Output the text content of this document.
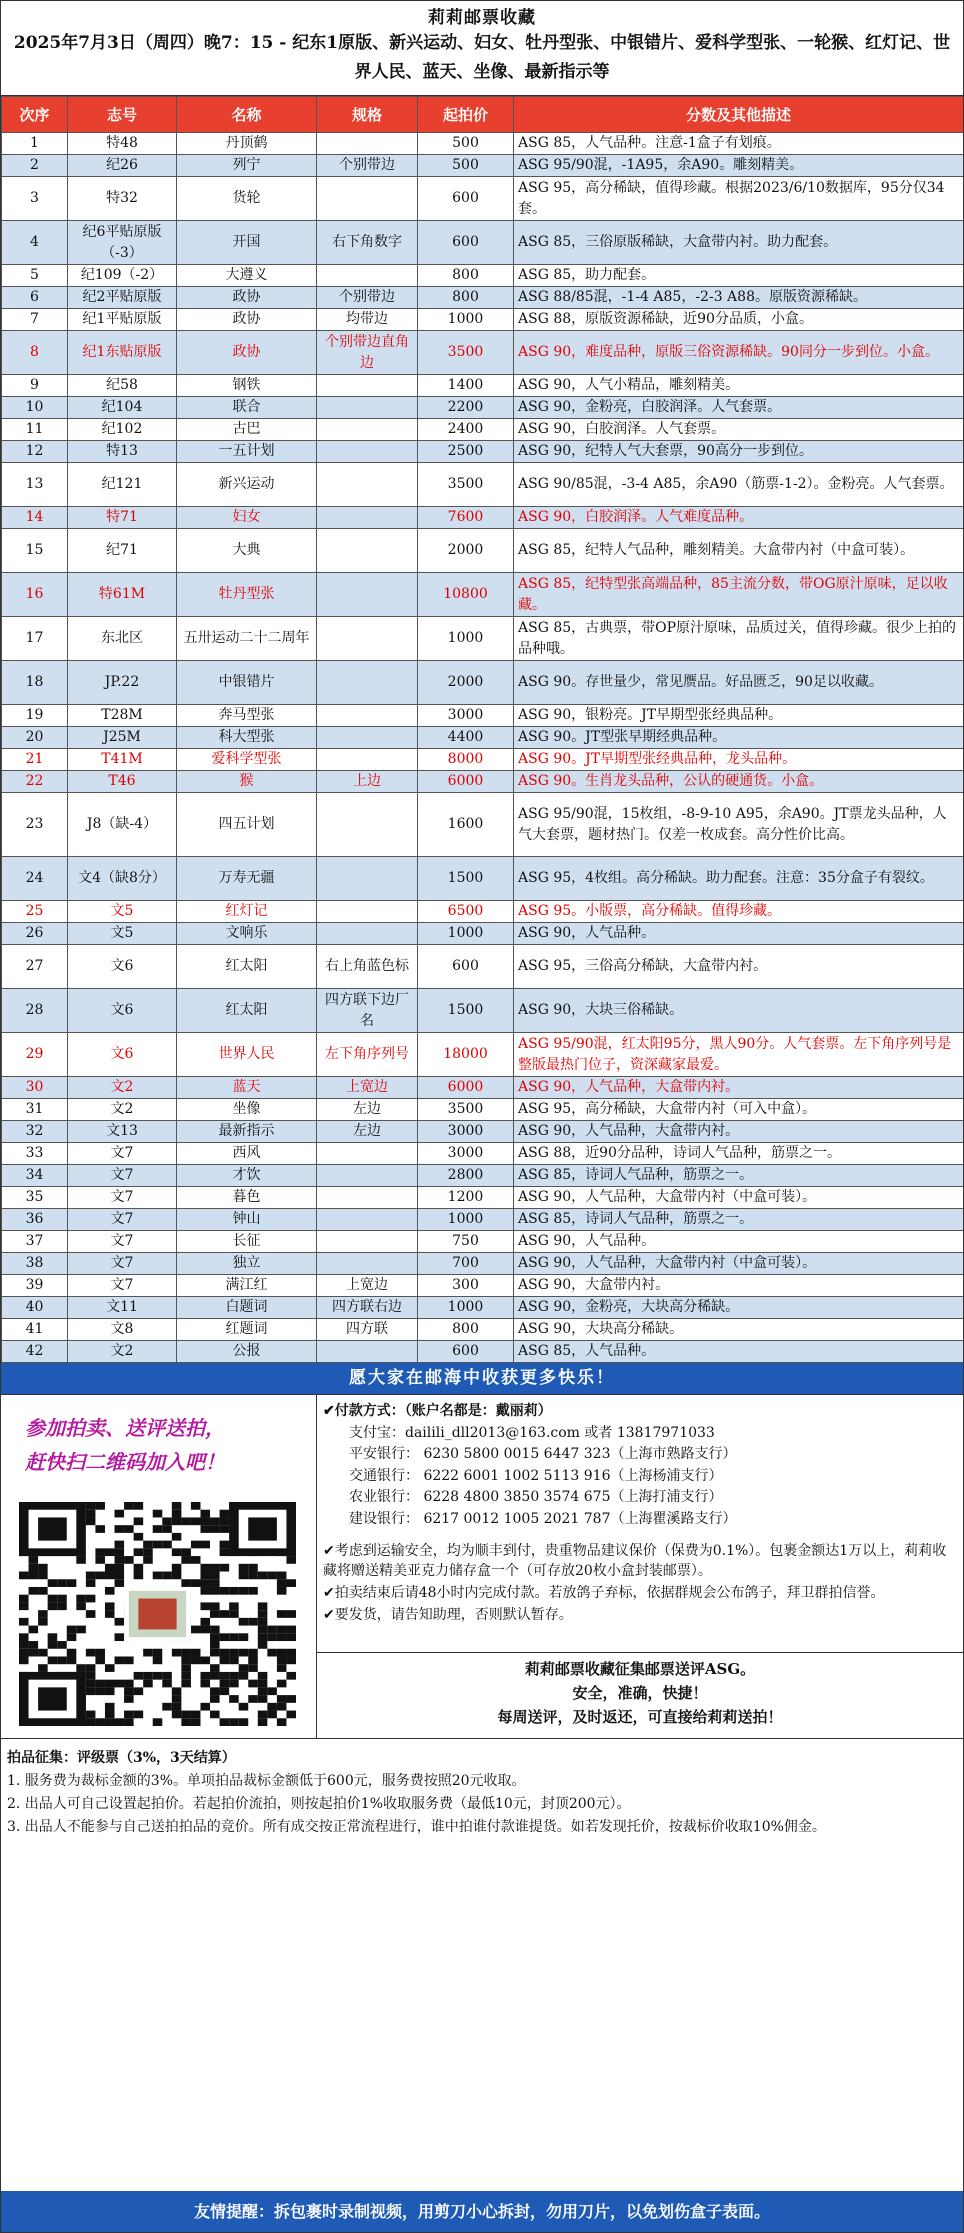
莉莉邮票收藏
2025年7月3日（周四）晚7：15 - 纪东1原版、新兴运动、妇女、牡丹型张、中银错片、爱科学型张、一轮猴、红灯记、世界人民、蓝天、坐像、最新指示等
次序	志号	名称	规格	起拍价	分数及其他描述
1	特48	丹顶鹤		500	ASG 85，人气品种。注意-1盒子有划痕。
2	纪26	列宁	个别带边	500	ASG 95/90混，-1A95，余A90。雕刻精美。
3	特32	货轮		600	ASG 95，高分稀缺，值得珍藏。根据2023/6/10数据库，95分仅34套。
4	纪6平贴原版（-3）	开国	右下角数字	600	ASG 85，三俗原版稀缺，大盒带内衬。助力配套。
5	纪109（-2）	大遵义		800	ASG 85，助力配套。
6	纪2平贴原版	政协	个别带边	800	ASG 88/85混，-1-4 A85，-2-3 A88。原版资源稀缺。
7	纪1平贴原版	政协	均带边	1000	ASG 88，原版资源稀缺，近90分品质，小盒。
8	纪1东贴原版	政协	个别带边直角边	3500	ASG 90，难度品种，原版三俗资源稀缺。90同分一步到位。小盒。
9	纪58	钢铁		1400	ASG 90，人气小精品，雕刻精美。
10	纪104	联合		2200	ASG 90，金粉亮，白胶润泽。人气套票。
11	纪102	古巴		2400	ASG 90，白胶润泽。人气套票。
12	特13	一五计划		2500	ASG 90，纪特人气大套票，90高分一步到位。
13	纪121	新兴运动		3500	ASG 90/85混，-3-4 A85，余A90（筋票-1-2）。金粉亮。人气套票。
14	特71	妇女		7600	ASG 90，白胶润泽。人气难度品种。
15	纪71	大典		2000	ASG 85，纪特人气品种，雕刻精美。大盒带内衬（中盒可装）。
16	特61M	牡丹型张		10800	ASG 85，纪特型张高端品种，85主流分数，带OG原汁原味，足以收藏。
17	东北区	五卅运动二十二周年		1000	ASG 85，古典票，带OP原汁原味，品质过关，值得珍藏。很少上拍的品种哦。
18	JP.22	中银错片		2000	ASG 90。存世量少，常见赝品。好品匮乏，90足以收藏。
19	T28M	奔马型张		3000	ASG 90，银粉亮。JT早期型张经典品种。
20	J25M	科大型张		4400	ASG 90。JT型张早期经典品种。
21	T41M	爱科学型张		8000	ASG 90。JT早期型张经典品种，龙头品种。
22	T46	猴	上边	6000	ASG 90。生肖龙头品种，公认的硬通货。小盒。
23	J8（缺-4）	四五计划		1600	ASG 95/90混，15枚组，-8-9-10 A95，余A90。JT票龙头品种，人气大套票，题材热门。仅差一枚成套。高分性价比高。
24	文4（缺8分）	万寿无疆		1500	ASG 95，4枚组。高分稀缺。助力配套。注意：35分盒子有裂纹。
25	文5	红灯记		6500	ASG 95。小版票，高分稀缺。值得珍藏。
26	文5	文响乐		1000	ASG 90，人气品种。
27	文6	红太阳	右上角蓝色标	600	ASG 95，三俗高分稀缺，大盒带内衬。
28	文6	红太阳	四方联下边厂名	1500	ASG 90，大块三俗稀缺。
29	文6	世界人民	左下角序列号	18000	ASG 95/90混，红太阳95分，黑人90分。人气套票。左下角序列号是整版最热门位子，资深藏家最爱。
30	文2	蓝天	上宽边	6000	ASG 90，人气品种，大盒带内衬。
31	文2	坐像	左边	3500	ASG 95，高分稀缺，大盒带内衬（可入中盒）。
32	文13	最新指示	左边	3000	ASG 90，人气品种，大盒带内衬。
33	文7	西风		3000	ASG 88，近90分品种，诗词人气品种，筋票之一。
34	文7	才饮		2800	ASG 85，诗词人气品种，筋票之一。
35	文7	暮色		1200	ASG 90，人气品种，大盒带内衬（中盒可装）。
36	文7	钟山		1000	ASG 85，诗词人气品种，筋票之一。
37	文7	长征		750	ASG 90，人气品种。
38	文7	独立		700	ASG 90，人气品种，大盒带内衬（中盒可装）。
39	文7	满江红	上宽边	300	ASG 90，大盒带内衬。
40	文11	白题词	四方联右边	1000	ASG 90，金粉亮，大块高分稀缺。
41	文8	红题词	四方联	800	ASG 90，大块高分稀缺。
42	文2	公报		600	ASG 85，人气品种。
愿大家在邮海中收获更多快乐！
参加拍卖、送评送拍，
赶快扫二维码加入吧！
✔付款方式：（账户名都是：戴丽莉）
支付宝：dailili_dll2013@163.com 或者 13817971033
平安银行： 6230 5800 0015 6447 323（上海市熟路支行）
交通银行： 6222 6001 1002 5113 916（上海杨浦支行）
农业银行： 6228 4800 3850 3574 675（上海打浦支行）
建设银行： 6217 0012 1005 2021 787（上海瞿溪路支行）
✔考虑到运输安全，均为顺丰到付，贵重物品建议保价（保费为0.1%）。包裹金额达1万以上，莉莉收藏将赠送精美亚克力储存盒一个（可存放20枚小盒封装邮票）。
✔拍卖结束后请48小时内完成付款。若放鸽子弃标，依据群规会公布鸽子，拜卫群拍信誉。
✔要发货，请告知助理，否则默认暂存。
莉莉邮票收藏征集邮票送评ASG。
安全，准确，快捷！
每周送评，及时返还，可直接给莉莉送拍！
拍品征集：评级票（3%，3天结算）
1. 服务费为裁标金额的3%。单项拍品裁标金额低于600元，服务费按照20元收取。
2. 出品人可自己设置起拍价。若起拍价流拍，则按起拍价1%收取服务费（最低10元，封顶200元）。
3. 出品人不能参与自己送拍拍品的竞价。所有成交按正常流程进行，谁中拍谁付款谁提货。如若发现托价，按裁标价收取10%佣金。
友情提醒：拆包裹时录制视频，用剪刀小心拆封，勿用刀片，以免划伤盒子表面。
